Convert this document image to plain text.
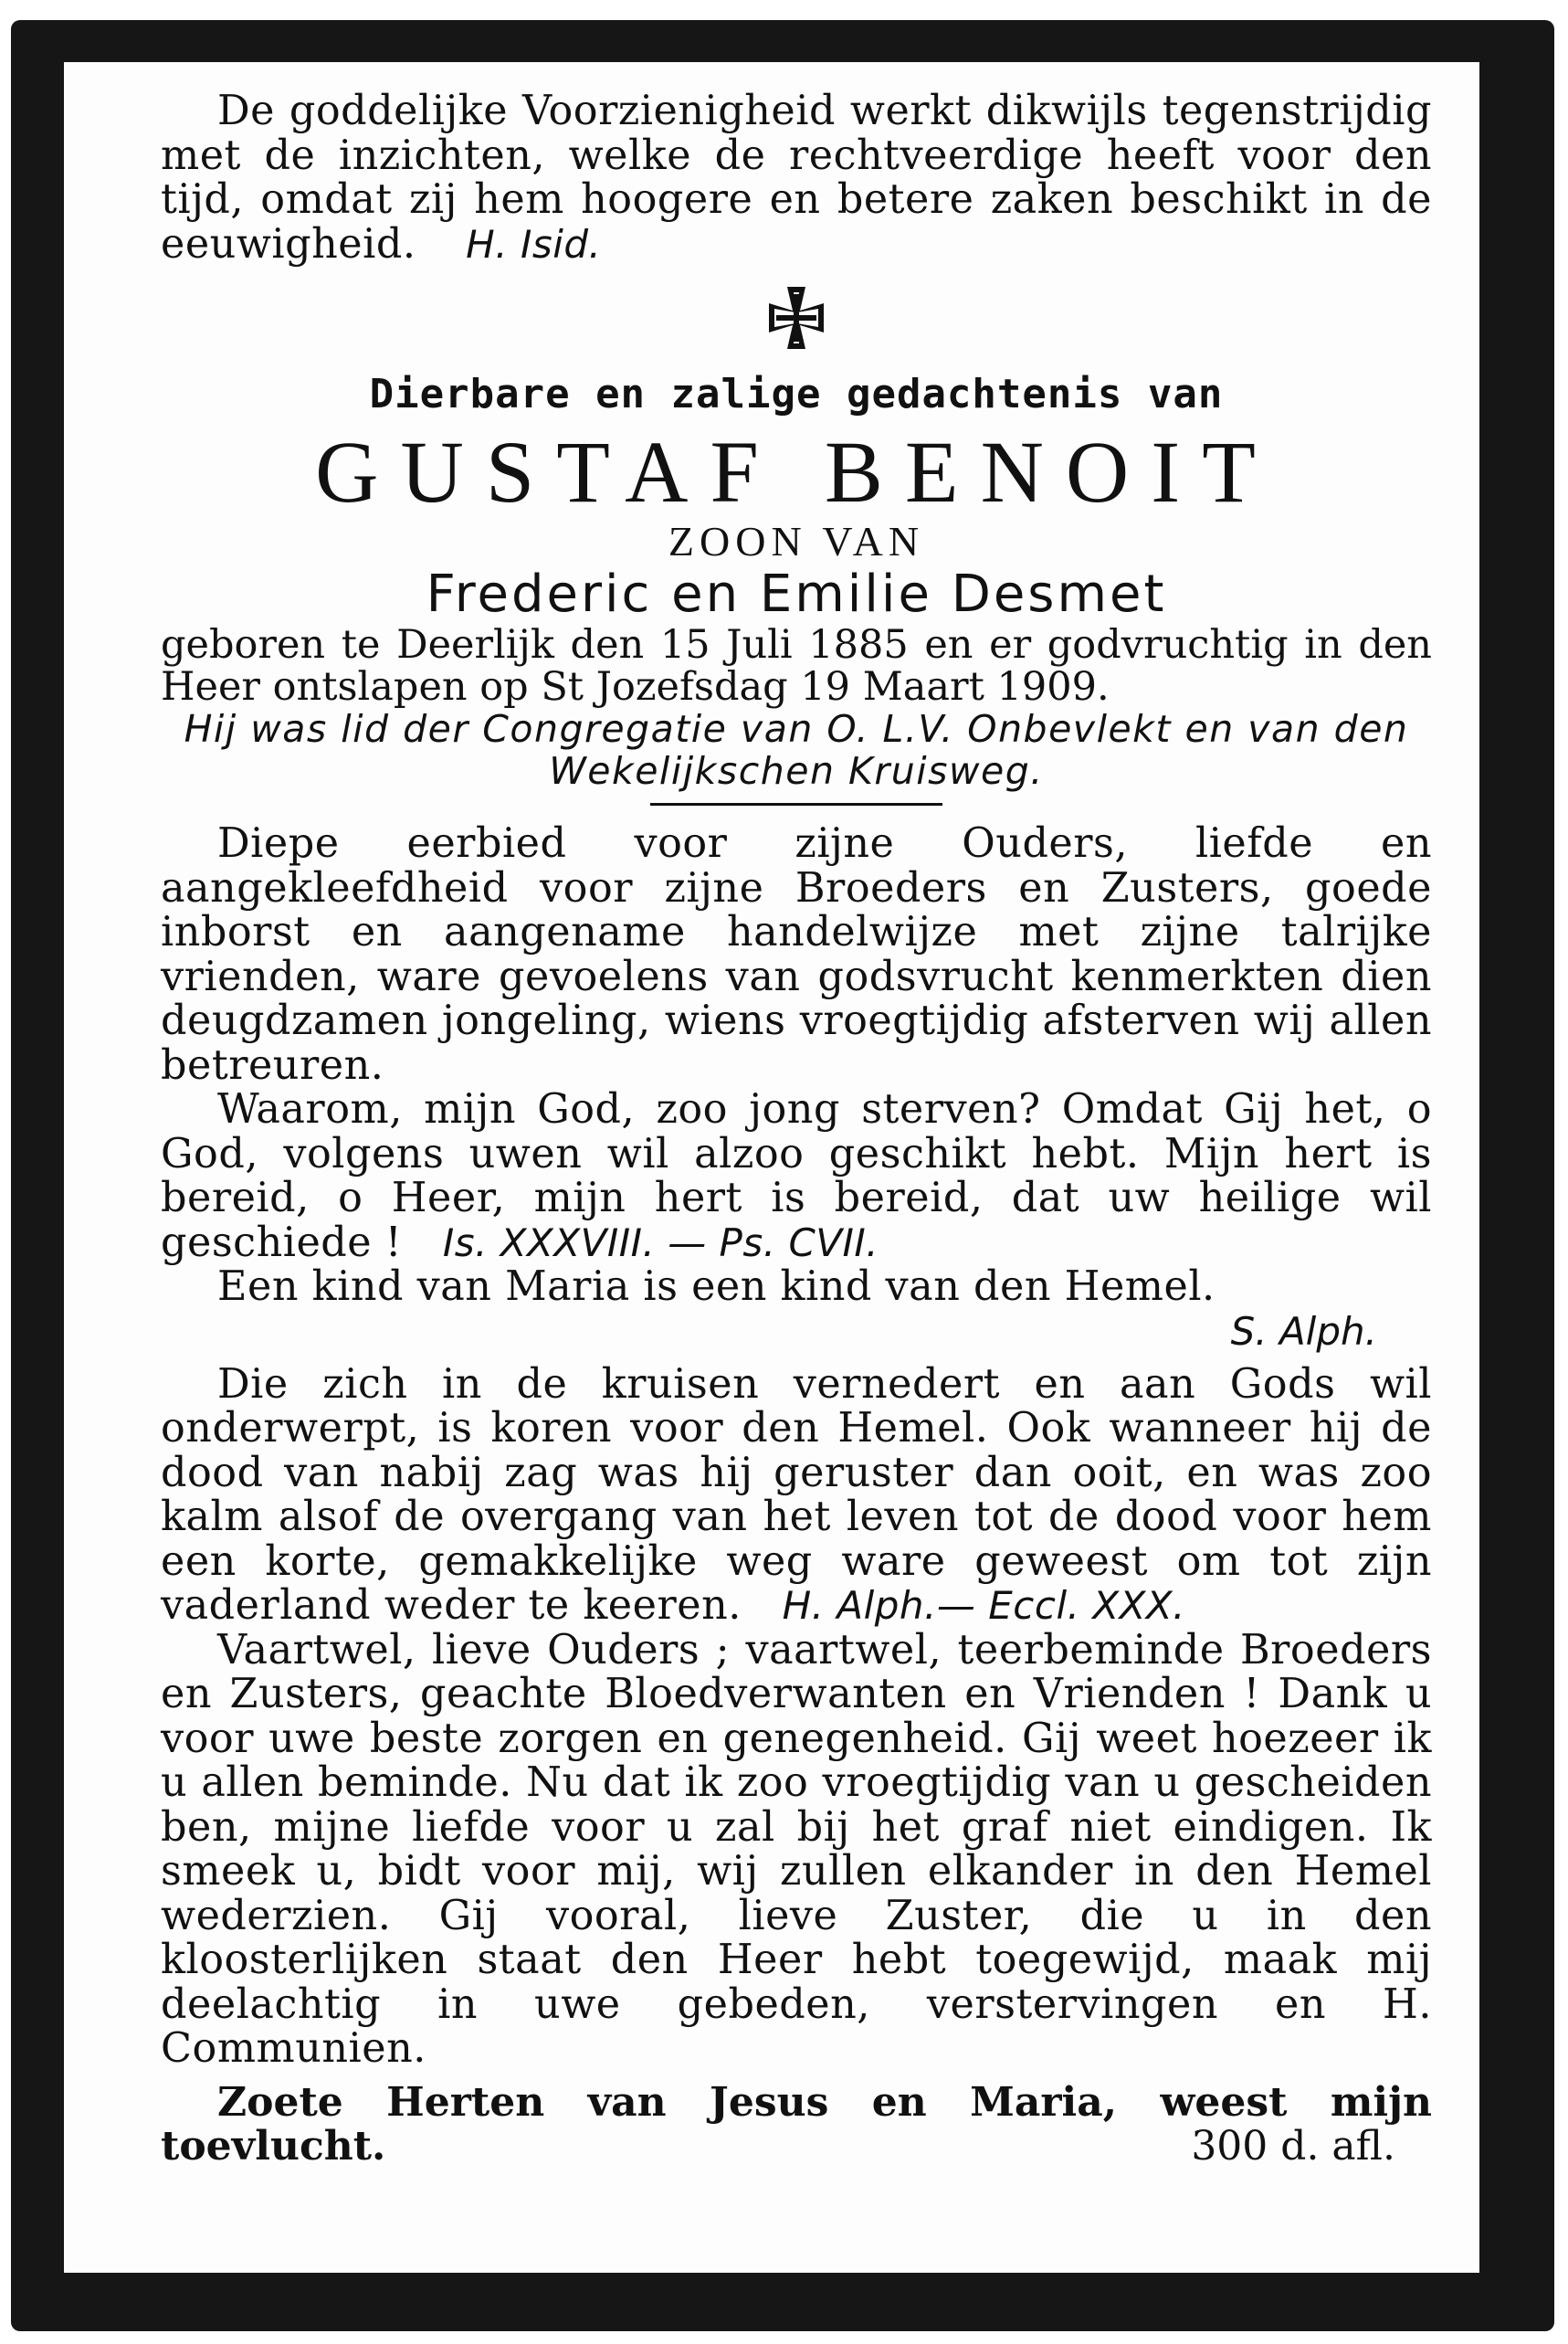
De goddelijke Voorzienigheid werkt dikwijls tegenstrijdig met de inzichten, welke de rechtveerdige heeft voor den tijd, omdat zij hem hoogere en betere zaken beschikt in de eeuwigheid. H. Isid.
Dierbare en zalige gedachtenis van
GUSTAF BENOIT
ZOON VAN
Frederic en Emilie Desmet
geboren te Deerlijk den 15 Juli 1885 en er godvruchtig in den Heer ontslapen op St Jozefsdag 19 Maart 1909.
Hij was lid der Congregatie van O. L.V. Onbevlekt en van den Wekelijkschen Kruisweg.
Diepe eerbied voor zijne Ouders, liefde en aangekleefdheid voor zijne Broeders en Zusters, goede inborst en aangename handelwijze met zijne talrijke vrienden, ware gevoelens van godsvrucht kenmerkten dien deugdzamen jongeling, wiens vroegtijdig afsterven wij allen betreuren.
Waarom, mijn God, zoo jong sterven? Omdat Gij het, o God, volgens uwen wil alzoo geschikt hebt. Mijn hert is bereid, o Heer, mijn hert is bereid, dat uw heilige wil geschiede ! Is. XXXVIII. — Ps. CVII.
Een kind van Maria is een kind van den Hemel.
S. Alph.
Die zich in de kruisen vernedert en aan Gods wil onderwerpt, is koren voor den Hemel. Ook wanneer hij de dood van nabij zag was hij geruster dan ooit, en was zoo kalm alsof de overgang van het leven tot de dood voor hem een korte, gemakkelijke weg ware geweest om tot zijn vaderland weder te keeren. H. Alph.— Eccl. XXX.
Vaartwel, lieve Ouders ; vaartwel, teerbeminde Broeders en Zusters, geachte Bloedverwanten en Vrienden ! Dank u voor uwe beste zorgen en genegenheid. Gij weet hoezeer ik u allen beminde. Nu dat ik zoo vroegtijdig van u gescheiden ben, mijne liefde voor u zal bij het graf niet eindigen. Ik smeek u, bidt voor mij, wij zullen elkander in den Hemel wederzien. Gij vooral, lieve Zuster, die u in den kloosterlijken staat den Heer hebt toegewijd, maak mij deelachtig in uwe gebeden, verstervingen en H. Communien.
Zoete Herten van Jesus en Maria, weest mijn toevlucht.	300 d. afl.
